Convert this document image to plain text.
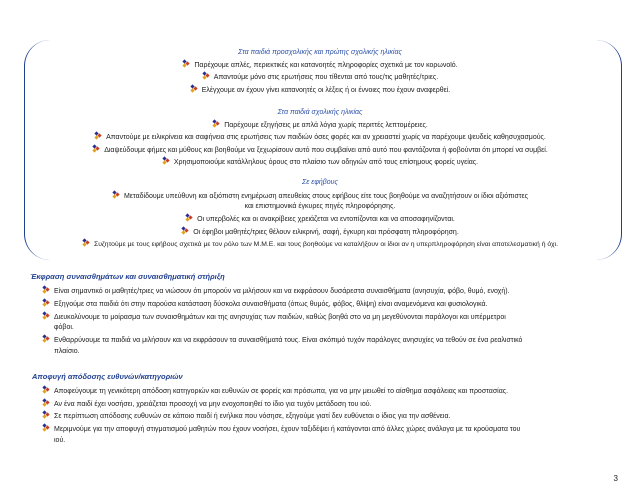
Στα παιδιά προσχολικής και πρώτης σχολικής ηλικίας
Παρέχουμε απλές, περιεκτικές και κατανοητές πληροφορίες σχετικά με τον κορωνοϊό.
Απαντούμε μόνο στις ερωτήσεις που τίθενται από τους/τις μαθητές/τριες.
Ελέγχουμε αν έχουν γίνει κατανοητές οι λέξεις ή οι έννοιες που έχουν αναφερθεί.
Στα παιδιά σχολικής ηλικίας
Παρέχουμε εξηγήσεις με απλά λόγια χωρίς περιττές λεπτομέρειες.
Απαντούμε με ειλικρίνεια και σαφήνεια στις ερωτήσεις των παιδιών όσες φορές και αν χρειαστεί χωρίς να παρέχουμε ψευδείς καθησυχασμούς.
Διαψεύδουμε φήμες και μύθους και βοηθούμε να ξεχωρίσουν αυτό που συμβαίνει από αυτό που φαντάζονται ή φοβούνται ότι μπορεί να συμβεί.
Χρησιμοποιούμε κατάλληλους όρους στο πλαίσιο των οδηγιών από τους επίσημους φορείς υγείας.
Σε εφήβους
Μεταδίδουμε υπεύθυνη και αξιόπιστη ενημέρωση απευθείας στους εφήβους είτε τους βοηθούμε να αναζητήσουν οι ίδιοι αξιόπιστες
και επιστημονικά έγκυρες πηγές πληροφόρησης.
Οι υπερβολές και οι ανακρίβειες χρειάζεται να εντοπίζονται και να αποσαφηνίζονται.
Οι έφηβοι μαθητές/τριες θέλουν ειλικρινή, σαφή, έγκυρη και πρόσφατη πληροφόρηση.
Συζητούμε με τους εφήβους σχετικά με τον ρόλο των Μ.Μ.Ε. και τους βοηθούμε να καταλήξουν οι ίδιοι αν η υπερπληροφόρηση είναι αποτελεσματική ή όχι.
Έκφραση συναισθημάτων και συναισθηματική στήριξη
Είναι σημαντικό οι μαθητές/τριες να νιώσουν ότι μπορούν να μιλήσουν και να εκφράσουν δυσάρεστα συναισθήματα (ανησυχία, φόβο, θυμό, ενοχή).
Εξηγούμε στα παιδιά ότι στην παρούσα κατάσταση δύσκολα συναισθήματα (όπως θυμός, φόβος, θλίψη) είναι αναμενόμενα και φυσιολογικά.
Διευκολύνουμε το μοίρασμα των συναισθημάτων και της ανησυχίας των παιδιών, καθώς βοηθά στο να μη μεγεθύνονται παράλογοι και υπέρμετροι
φόβοι.
Ενθαρρύνουμε τα παιδιά να μιλήσουν και να εκφράσουν τα συναισθήματά τους. Είναι σκόπιμό τυχόν παράλογες ανησυχίες να τεθούν σε ένα ρεαλιστικό
πλαίσιο.
Αποφυγή απόδοσης ευθυνών/κατηγοριών
Αποφεύγουμε τη γενικότερη απόδοση κατηγοριών και ευθυνών σε φορείς και πρόσωπα, για να μην μειωθεί το αίσθημα ασφάλειας και προστασίας.
Αν ένα παιδί έχει νοσήσει, χρειάζεται προσοχή να μην ενοχοποιηθεί το ίδιο για τυχόν μετάδοση του ιού.
Σε περίπτωση απόδοσης ευθυνών σε κάποιο παιδί ή ενήλικα που νόσησε, εξηγούμε γιατί δεν ευθύνεται ο ίδιος για την ασθένεια.
Μεριμνούμε για την αποφυγή στιγματισμού μαθητών που έχουν νοσήσει, έχουν ταξιδέψει ή κατάγονται από άλλες χώρες ανάλογα με τα κρούσματα του
ιού.
3
